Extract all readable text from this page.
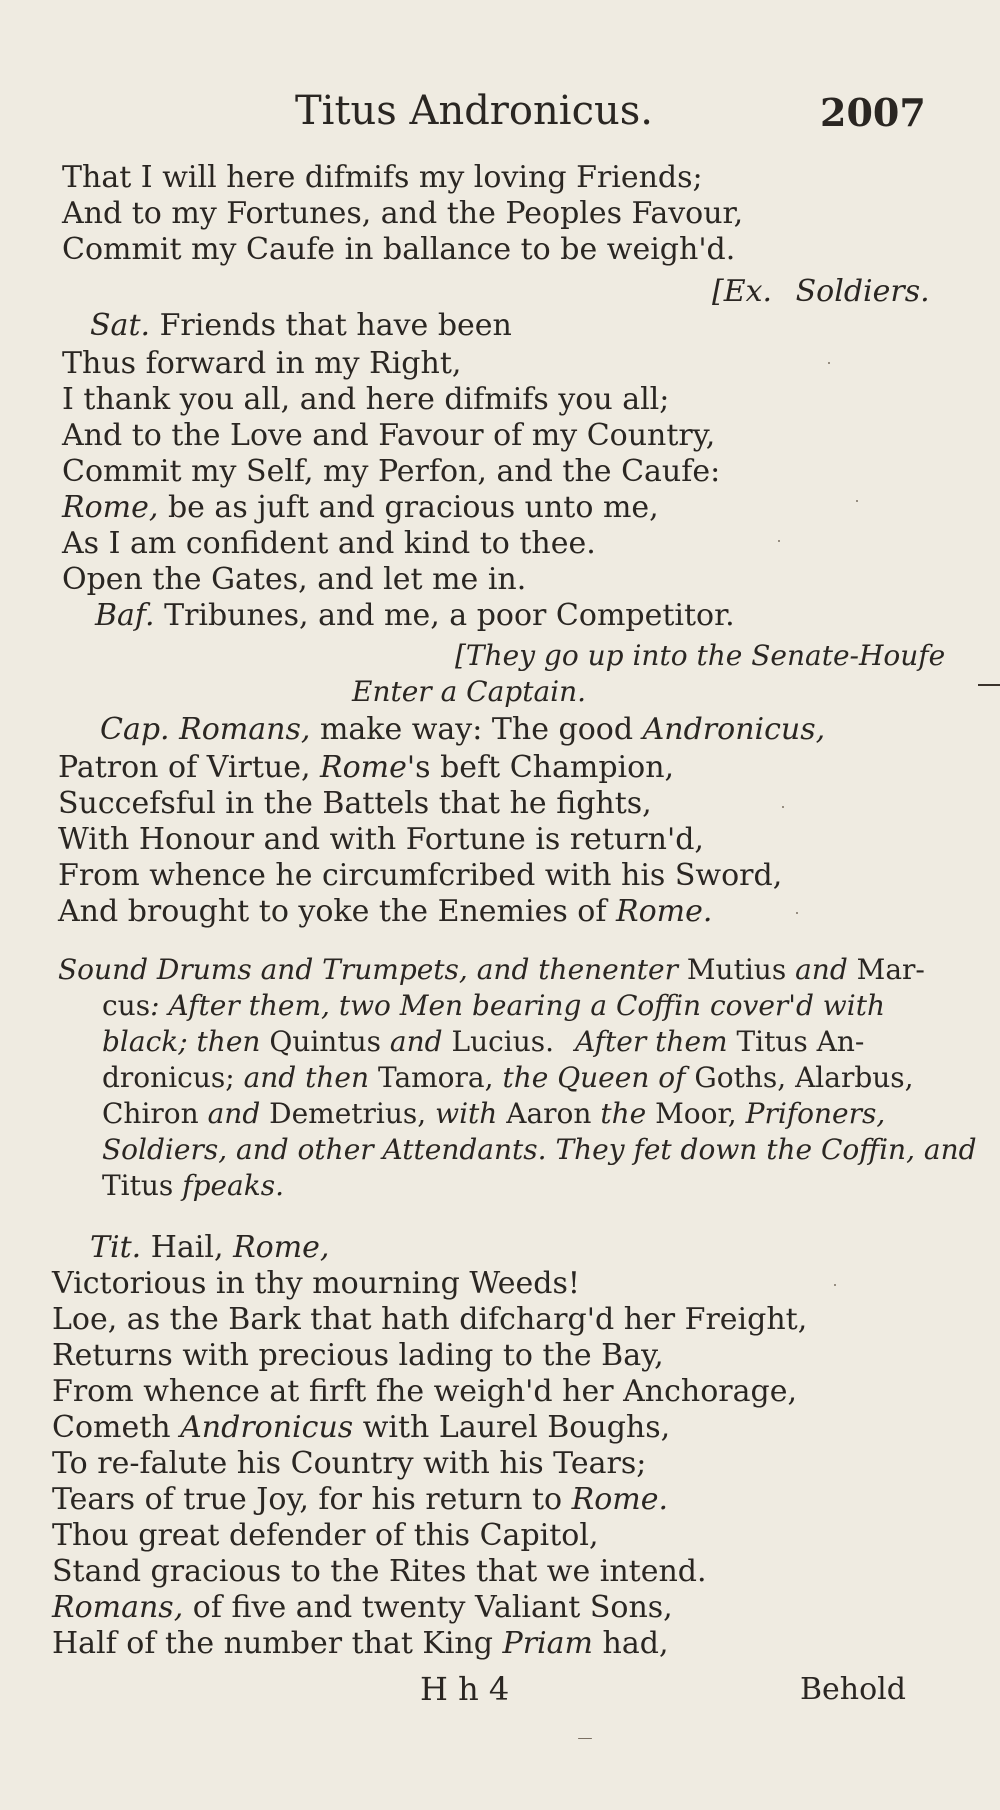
Titus Andronicus.	2007
That I will here difmifs my loving Friends;
And to my Fortunes, and the Peoples Favour,
Commit my Caufe in ballance to be weigh'd.
[Ex. Soldiers.
Sat. Friends that have been
Thus forward in my Right,
I thank you all, and here difmifs you all;
And to the Love and Favour of my Country,
Commit my Self, my Perfon, and the Caufe:
Rome, be as juft and gracious unto me,
As I am confident and kind to thee.
Open the Gates, and let me in.
Baf. Tribunes, and me, a poor Competitor.
[They go up into the Senate-Houfe
Enter a Captain.
Cap. Romans, make way: The good Andronicus,
Patron of Virtue, Rome's beft Champion,
Succefsful in the Battels that he fights,
With Honour and with Fortune is return'd,
From whence he circumfcribed with his Sword,
And brought to yoke the Enemies of Rome.
Sound Drums and Trumpets, and thenenter Mutius and Mar-
cus: After them, two Men bearing a Coffin cover'd with
black; then Quintus and Lucius. After them Titus An-
dronicus; and then Tamora, the Queen of Goths, Alarbus,
Chiron and Demetrius, with Aaron the Moor, Prifoners,
Soldiers, and other Attendants. They fet down the Coffin, and
Titus fpeaks.
Tit. Hail, Rome,
Victorious in thy mourning Weeds!
Loe, as the Bark that hath difcharg'd her Freight,
Returns with precious lading to the Bay,
From whence at firft fhe weigh'd her Anchorage,
Cometh Andronicus with Laurel Boughs,
To re-falute his Country with his Tears;
Tears of true Joy, for his return to Rome.
Thou great defender of this Capitol,
Stand gracious to the Rites that we intend.
Romans, of five and twenty Valiant Sons,
Half of the number that King Priam had,
H h 4	Behold
